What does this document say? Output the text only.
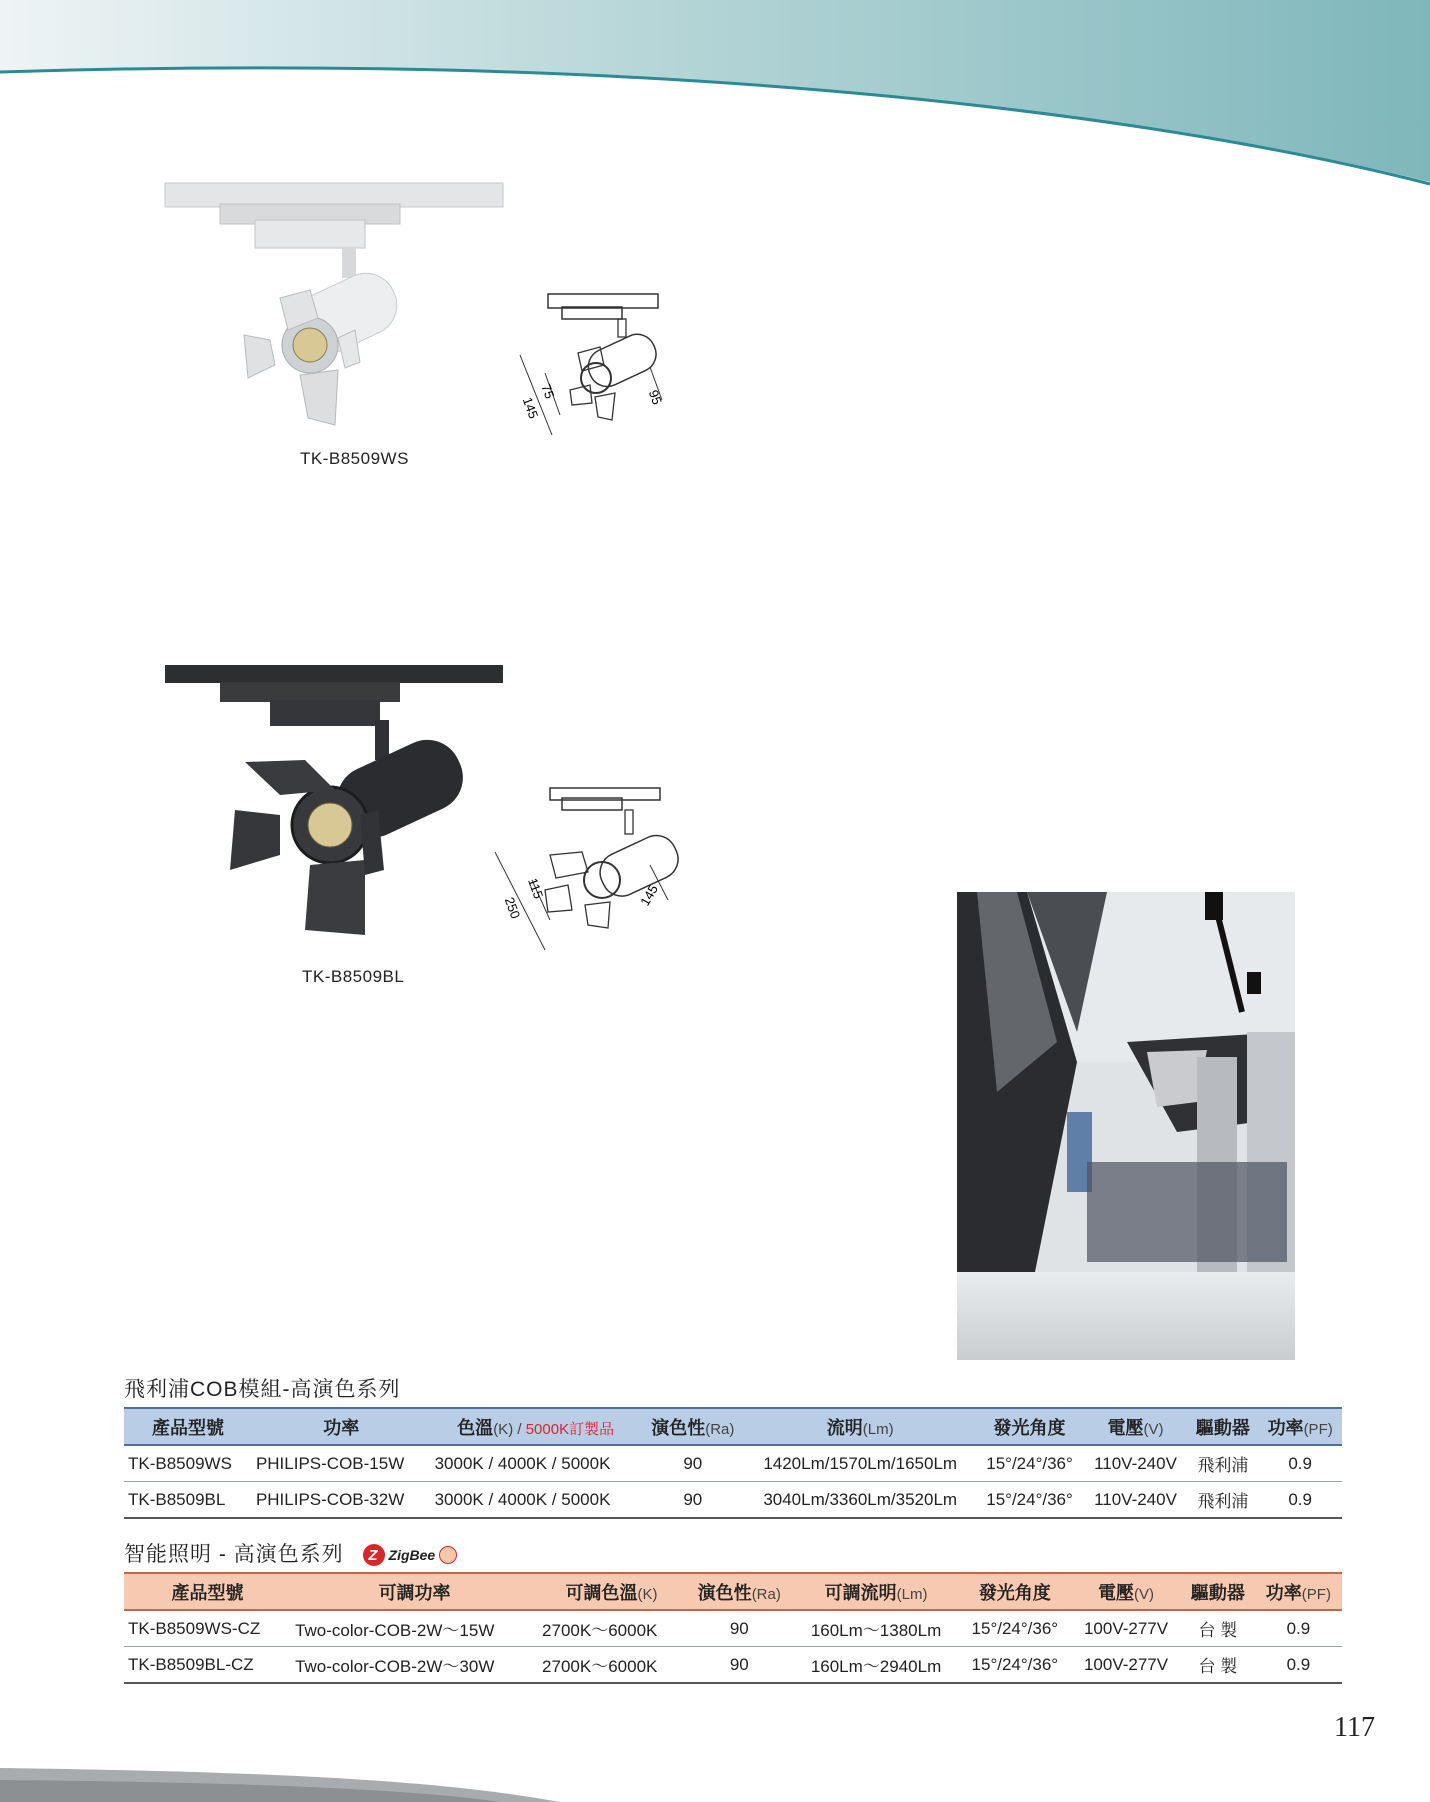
145
75	95
TK-B8509WS
250
115	145
TK-B8509BL
飛利浦COB模組-高演色系列
產品型號	功率	色溫(K) / 5000K訂製品	演色性(Ra)	流明(Lm)	發光角度	電壓(V)	驅動器	功率(PF)
TK-B8509WS	PHILIPS-COB-15W	3000K / 4000K / 5000K	90	1420Lm/1570Lm/1650Lm	15°/24°/36°	110V-240V	飛利浦	0.9
TK-B8509BL	PHILIPS-COB-32W	3000K / 4000K / 5000K	90	3040Lm/3360Lm/3520Lm	15°/24°/36°	110V-240V	飛利浦	0.9
智能照明 - 高演色系列	Z ZigBee
產品型號	可調功率	可調色溫(K)	演色性(Ra)	可調流明(Lm)	發光角度	電壓(V)	驅動器	功率(PF)
TK-B8509WS-CZ	Two-color-COB-2W～15W	2700K～6000K	90	160Lm～1380Lm	15°/24°/36°	100V-277V	台 製	0.9
TK-B8509BL-CZ	Two-color-COB-2W～30W	2700K～6000K	90	160Lm～2940Lm	15°/24°/36°	100V-277V	台 製	0.9
117
